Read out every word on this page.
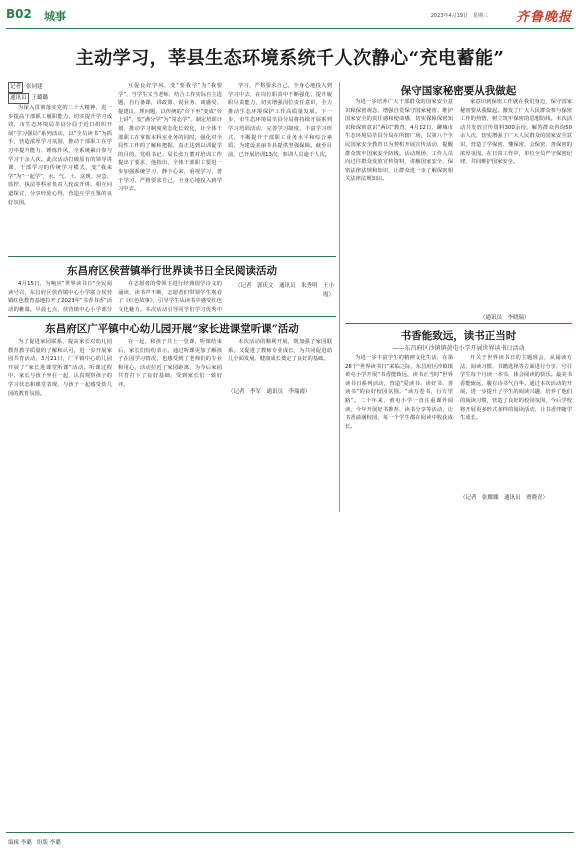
B02 城事	2023年4月19日　星期三 齐鲁晚报
主动学习，莘县生态环境系统千人次静心“充电蓄能”
记者 张同建
通讯员 王璐璐
为深入贯彻落实党的二十大精神，进一步提高干部职工履职能力，切实提升学习成效，市生态环境局莘县分局于近日组织开展“学习强局”系列活动，以“全员读书”为抓手，营造浓厚学习氛围，推动干部职工在学习中提升能力、锤炼作风，全系统累计参与学习千余人次。此次活动打破原有的领导讲课、干部学习的传统学习模式，变“我来学”为“一起学”，水、气、土、法规、应急、监控、执法等科室负责人轮流开讲，相互问道探讨，分享经验心得，营造互学互鉴的良好氛围。
互促良好学风，变“要我学”为“我要学”，当学生又当老师，结合工作实际自主选题，自行备课，讲政策、说业务、谈感受、提建议，理问题，以传统的“台下坐”变成“台上讲”，变“满分学”为“常态学”，制定培训计划，推动学习制度常态化长效化，让全体干部职工在掌握本科室业务的同时，强化对全局性工作的了解和把握，真正达到以训促学的目的。党组书记、局长张万董对培训工作提出了要求，他指出，全体干部职工要进一步加强系统学习，静下心来，重视学习，善于学习，严格要求自己，全身心地投入到学习中去。
学习，严格要求自己，全身心地投入到学习中去，在岗位职责中不断强化、提升履职尽责能力，切实增强岗位责任意识，全力推动生态环境保护工作高质量发展。下一步，市生态环境局莘县分局将持续开展系列学习培训活动，完善学习制度，丰富学习形式，不断提升干部职工业务水平和综合素质，为建设美丽莘县提供坚强保障。截至目前，已开展培训13次，参训人员逾千人次。
保守国家秘密要从我做起
为进一步培养广大干部群众的国家安全意识和保密观念，增强自觉保守国家秘密、维护国家安全的责任感和使命感，切实保障保密知识和保密意识“两识”教育，4月12日，聊城市生态环境局莘县分局在所辖广场，以第八个全民国家安全教育日为契机开展宣传活动，提醒群众筑牢国家安全防线。活动现场，工作人员向过往群众发放宣传资料，讲解国家安全、保密法律法规和知识，让群众进一步了解保密相关法律法规知识。
家意识到保密工作就在我们身边，保守国家秘密要从我做起。激发了广大人民群众参与保密工作的热情，树立筑牢保密的思想防线。本次活动共发放宣传资料300余份，解答群众咨询50余人次，切实增强了广大人民群众的国家安全意识，营造了学保密、懂保密、会保密、善保密的浓厚氛围。在日常工作中，单位全员严守保密纪律，共同维护国家安全。
（通讯员　李晓瑞）
东昌府区侯营镇举行世界读书日全民阅读活动
4月15日，为响应“世界读书日”全民阅读号召，东昌府区侯营镇中心小学联合侯营镇红色教育基地拉开了2023年“书香书香”活动的帷幕。早晨七点，侯营镇中心小学部分
在志愿者的带领下进行经典国学诗文的诵读，读书声不断，志愿者们带领学生观看了《红色故事》，引导学生从读书中感受红色文化魅力。本次活动引导同学们学习优秀中
（记者　郭庆文　通讯员　朱秀明　王小霞）
东昌府区广平镇中心幼儿园开展“家长进课堂听课”活动
为了促进家园联系，提高家长对幼儿园教育教学质量的了解和认可，进一步开展家园共育活动，3月21日，广平镇中心幼儿园开展了“家长进课堂听课”活动。听课过程中，家长与孩子坐在一起，认真观察孩子的学习状态和课堂表现，与孩子一起感受幼儿园的教育氛围。
在一起，和孩子共上一堂课，听课结束后，家长们纷纷表示，通过听课更加了解孩子在园学习情况，也感受到了老师们的专业和用心，活动拉近了家园距离，为今后家园共育打下了良好基础，受到家长们一致好评。
本次活动的顺利开展，既加强了家园联系，又促进了教师专业成长，为共同促进幼儿全面发展、健康成长奠定了良好的基础。
（记者　李军　通讯员　李瑞霞）
书香能致远，读书正当时
——东昌府区沙镇镇黄屯小学开展世界读书日活动
为进一步丰富学生的精神文化生活，在第28个“世界读书日”来临之际，东昌府区沙镇镇黄屯小学开展“书香能致远，读书正当时”世界读书日系列活动，营造“爱读书、读好书、善读书”的良好校园氛围。“读万卷书，行万里路”。二十年来，黄屯小学一直注重课外阅读，今年开展好书推荐、读书分享等活动，让书香溢满校园，每一个学生都在阅读中收获成长。
开关于世界读书日的主题班会，从阅读方法、阅读习惯、书籍选择等方面进行分享，号召学生每个月读一本书，体会阅读的快乐。最美书香能致远，腹有诗书气自华。通过本次活动的开展，进一步提升了学生的阅读兴趣，培养了他们的阅读习惯，营造了良好的校园氛围，今后学校将开展更多形式多样的阅读活动，让书香伴随学生成长。
（记者　张娜娜　通讯员　贾晓青）
编辑 李璐 组版 李璐
